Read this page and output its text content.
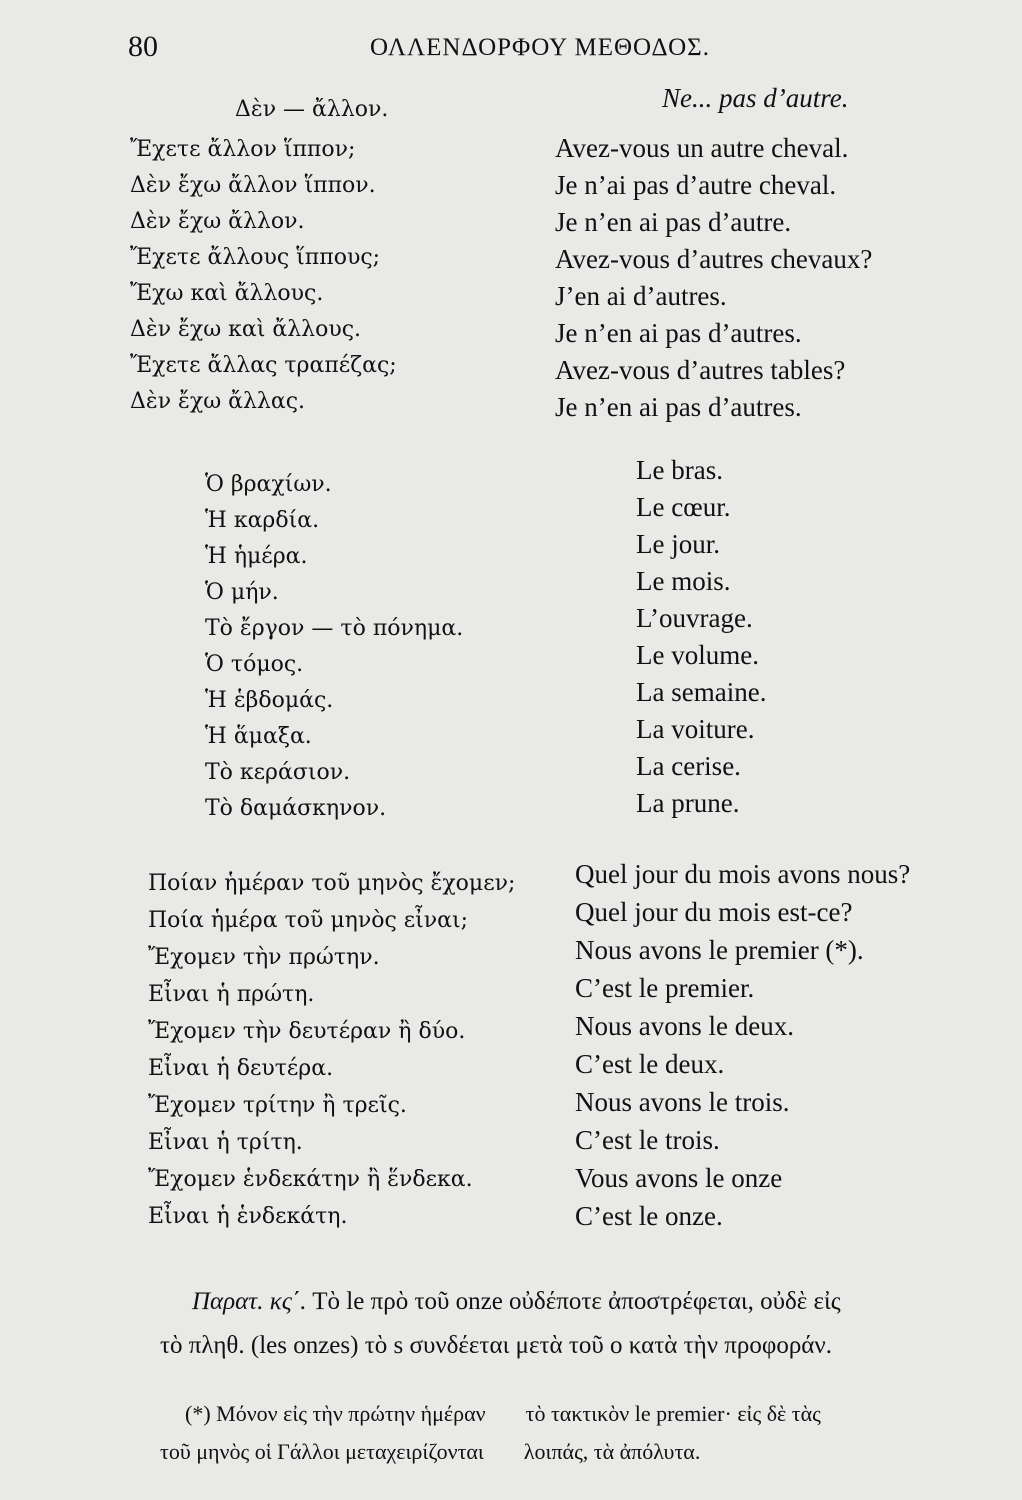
80	ΟΛΛΕΝΔΟΡΦΟΥ ΜΕΘΟΔΟΣ.
Δὲν — ἄλλον.	Ne... pas d’autre.
Ἔχετε ἄλλον ἵππον;
Δὲν ἔχω ἄλλον ἵππον.
Δὲν ἔχω ἄλλον.
Ἔχετε ἄλλους ἵππους;
Ἔχω καὶ ἄλλους.
Δὲν ἔχω καὶ ἄλλους.
Ἔχετε ἄλλας τραπέζας;
Δὲν ἔχω ἄλλας.
Avez-vous un autre cheval.
Je n’ai pas d’autre cheval.
Je n’en ai pas d’autre.
Avez-vous d’autres chevaux?
J’en ai d’autres.
Je n’en ai pas d’autres.
Avez-vous d’autres tables?
Je n’en ai pas d’autres.
Ὁ βραχίων.
Ἡ καρδία.
Ἡ ἡμέρα.
Ὁ μήν.
Τὸ ἔργον — τὸ πόνημα.
Ὁ τόμος.
Ἡ ἑβδομάς.
Ἡ ἅμαξα.
Τὸ κεράσιον.
Τὸ δαμάσκηνον.
Le bras.
Le cœur.
Le jour.
Le mois.
L’ouvrage.
Le volume.
La semaine.
La voiture.
La cerise.
La prune.
Ποίαν ἡμέραν τοῦ μηνὸς ἔχομεν;
Ποία ἡμέρα τοῦ μηνὸς εἶναι;
Ἔχομεν τὴν πρώτην.
Εἶναι ἡ πρώτη.
Ἔχομεν τὴν δευτέραν ἢ δύο.
Εἶναι ἡ δευτέρα.
Ἔχομεν τρίτην ἢ τρεῖς.
Εἶναι ἡ τρίτη.
Ἔχομεν ἑνδεκάτην ἢ ἕνδεκα.
Εἶναι ἡ ἑνδεκάτη.
Quel jour du mois avons nous?
Quel jour du mois est-ce?
Nous avons le premier (*).
C’est le premier.
Nous avons le deux.
C’est le deux.
Nous avons le trois.
C’est le trois.
Vous avons le onze
C’est le onze.
Παρατ. κς΄. Τὸ le πρὸ τοῦ onze οὐδέποτε ἀποστρέφεται, οὐδὲ εἰς
τὸ πληθ. (les onzes) τὸ s συνδέεται μετὰ τοῦ o κατὰ τὴν προφοράν.
(*) Μόνον εἰς τὴν πρώτην ἡμέραν τὸ τακτικὸν le premier· εἰς δὲ τὰς
τοῦ μηνὸς οἱ Γάλλοι μεταχειρίζονται λοιπάς, τὰ ἀπόλυτα.
